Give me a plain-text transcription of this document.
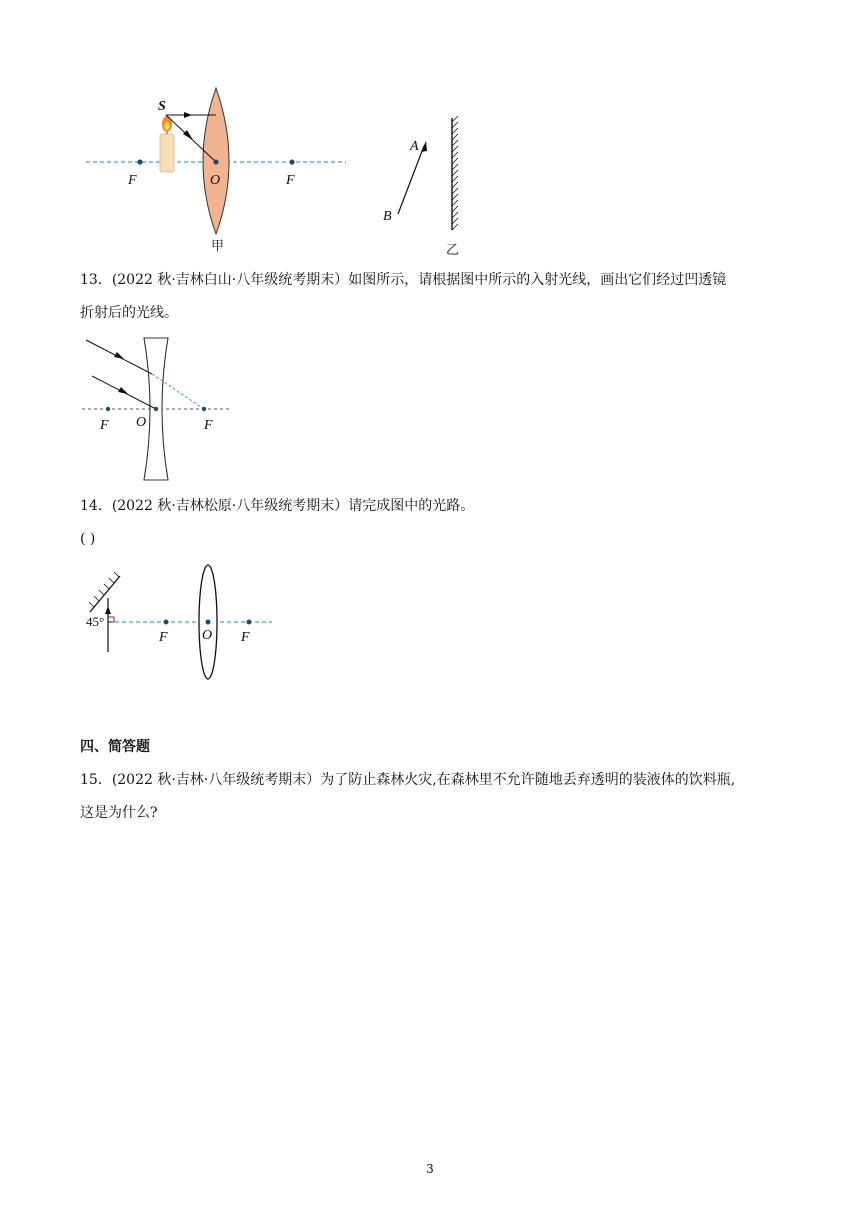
S
F	O	F
甲
A
B
乙
13．(2022 秋·吉林白山·八年级统考期末）如图所示，请根据图中所示的入射光线，画出它们经过凹透镜
折射后的光线。
F O	F
14．(2022 秋·吉林松原·八年级统考期末）请完成图中的光路。
( )
45°
F O F
四、简答题
15．(2022 秋·吉林·八年级统考期末）为了防止森林火灾,在森林里不允许随地丢弃透明的装液体的饮料瓶,
这是为什么?
3
